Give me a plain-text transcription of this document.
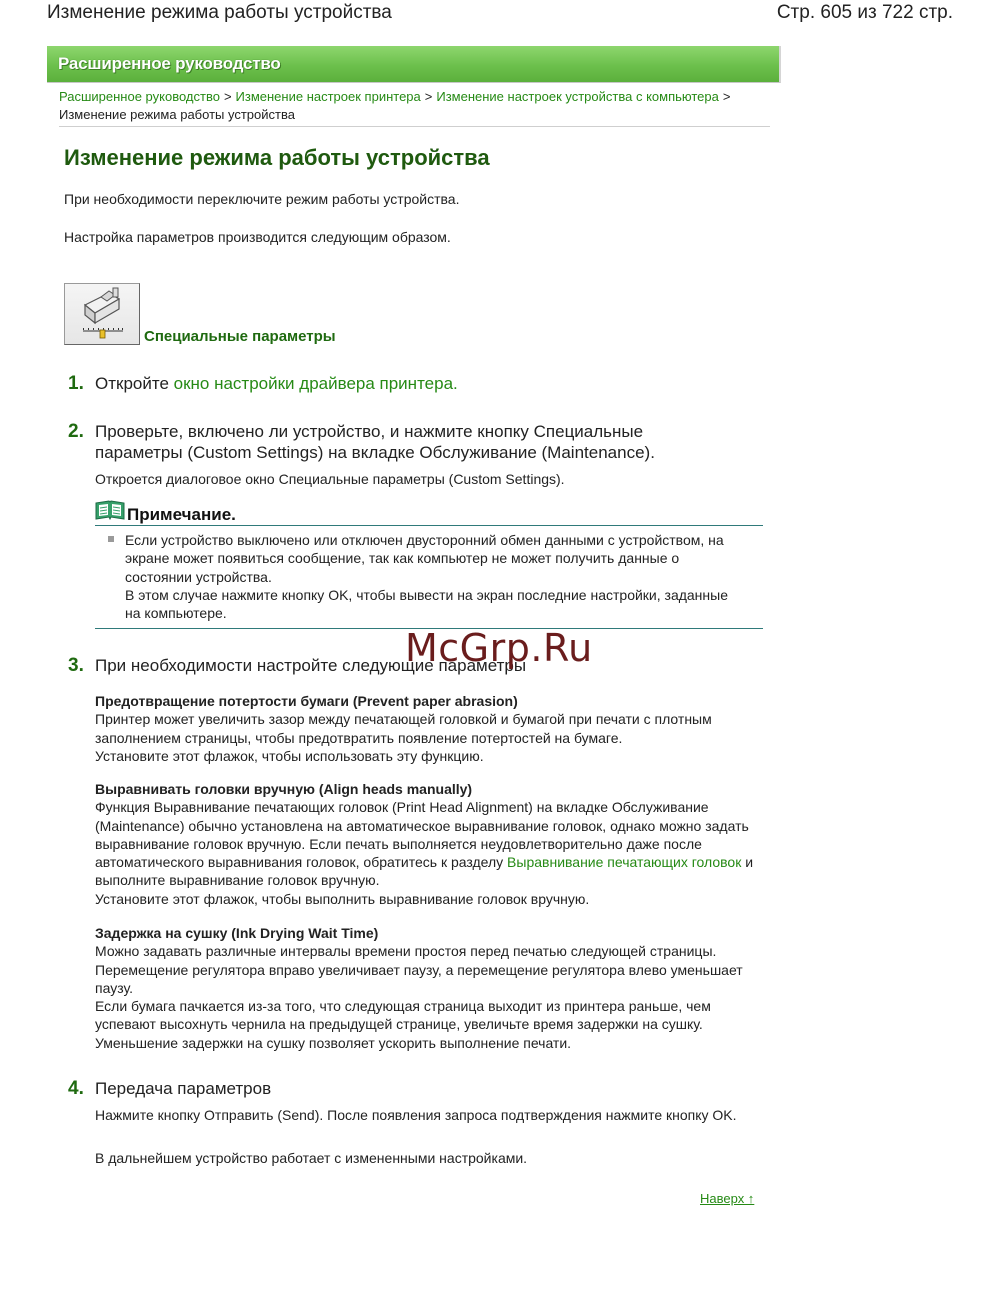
Изменение режима работы устройства	Стр. 605 из 722 стр.
Расширенное руководство
Расширенное руководство > Изменение настроек принтера > Изменение настроек устройства с компьютера >
Изменение режима работы устройства
Изменение режима работы устройства
При необходимости переключите режим работы устройства.
Настройка параметров производится следующим образом.
Специальные параметры
1. Откройте окно настройки драйвера принтера.
2. Проверьте, включено ли устройство, и нажмите кнопку Специальные параметры (Custom Settings) на вкладке Обслуживание (Maintenance).
Откроется диалоговое окно Специальные параметры (Custom Settings).
Примечание.
Если устройство выключено или отключен двусторонний обмен данными с устройством, на экране может появиться сообщение, так как компьютер не может получить данные о состоянии устройства.
В этом случае нажмите кнопку OK, чтобы вывести на экран последние настройки, заданные на компьютере.
3. При необходимости настройте следующие параметры
Предотвращение потертости бумаги (Prevent paper abrasion)
Принтер может увеличить зазор между печатающей головкой и бумагой при печати с плотным заполнением страницы, чтобы предотвратить появление потертостей на бумаге.
Установите этот флажок, чтобы использовать эту функцию.
Выравнивать головки вручную (Align heads manually)
Функция Выравнивание печатающих головок (Print Head Alignment) на вкладке Обслуживание (Maintenance) обычно установлена на автоматическое выравнивание головок, однако можно задать выравнивание головок вручную. Если печать выполняется неудовлетворительно даже после автоматического выравнивания головок, обратитесь к разделу Выравнивание печатающих головок и выполните выравнивание головок вручную.
Установите этот флажок, чтобы выполнить выравнивание головок вручную.
Задержка на сушку (Ink Drying Wait Time)
Можно задавать различные интервалы времени простоя перед печатью следующей страницы. Перемещение регулятора вправо увеличивает паузу, а перемещение регулятора влево уменьшает паузу.
Если бумага пачкается из-за того, что следующая страница выходит из принтера раньше, чем успевают высохнуть чернила на предыдущей странице, увеличьте время задержки на сушку. Уменьшение задержки на сушку позволяет ускорить выполнение печати.
4. Передача параметров
Нажмите кнопку Отправить (Send). После появления запроса подтверждения нажмите кнопку OK.
В дальнейшем устройство работает с измененными настройками.
McGrp.Ru
Наверх ↑
